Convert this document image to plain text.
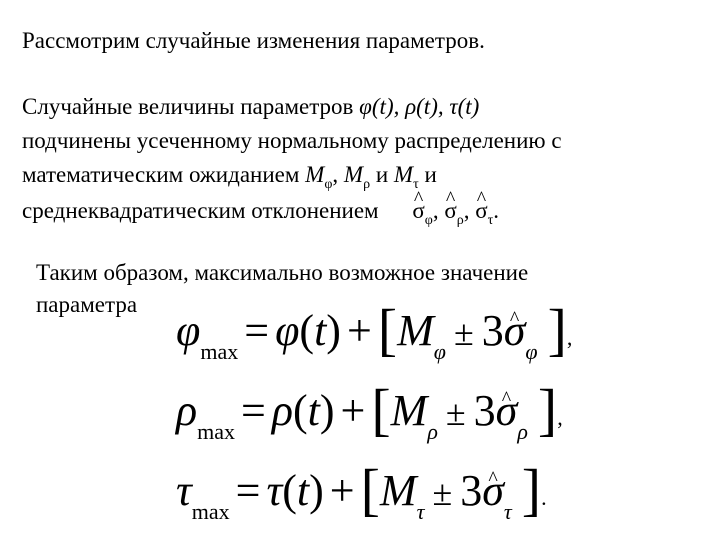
Рассмотрим случайные изменения параметров.
Случайные величины параметров φ(t), ρ(t), τ(t)
подчинены усеченному нормальному распределению с
математическим ожиданием $M_\varphi$, $M_\rho$ и $M_\tau$ и
среднеквадратическим отклонением ^ $\sigma_\varphi$, ^ $\sigma_\rho$, ^ $\sigma_\tau$.
Таким образом, максимально возможное значение
параметра
$\varphi_{max} = \varphi(t) + [M_\varphi$ ± 3^ $\sigma_\varphi$ ],
$\rho_{max} = \rho(t) + [M_\rho$ ± 3^ $\sigma_\rho$ ],
$\tau_{max} = \tau(t) + [M_\tau$ ± 3^ $\sigma_\tau$ ].
